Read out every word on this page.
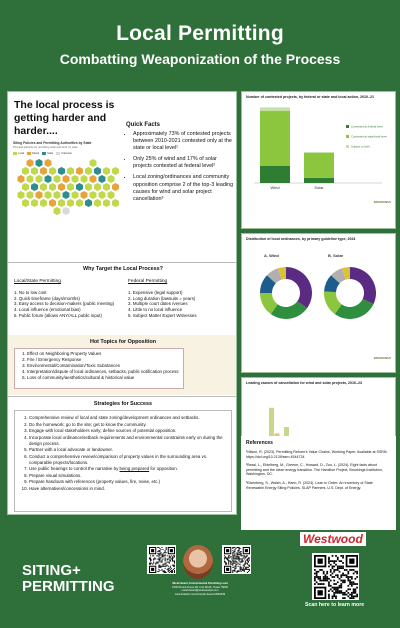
Local Permitting
Combatting Weaponization of the Process
The local process is getting harder and harder....
Siting Policies and Permitting Authorities by State
Principal authority for permitting solar and wind, by state
Local	Mixed	State	Unknown
Quick Facts
• Approximately 73% of contested projects between 2010-2021 contested only at the state or local level¹
• Only 25% of wind and 17% of solar projects contested at federal level²
• Local zoning/ordinances and community opposition comprise 2 of the top-3 leading causes for wind and solar project cancellation³
Why Target the Local Process?
Local/State Permitting
1. No to low cost
2. Quick timeframe (days/months)
3. Easy access to decision-makers (public meeting)
4. Local influence (emotional bias)
5. Public forum (allows ANY/ALL public input)
Federal Permitting
1. Expensive (legal support)
2. Long duration (lawsuits = years)
3. Multiple court dates /venues
4. Little to no local influence
5. Subject Matter Expert Witnesses
Hot Topics for Opposition
1. Effect on Neighboring Property Values
2. Fire / Emergency Response
3. Environmental/Contamination/Toxic Substances
4. Interpretation/dispute of local ordinances, setbacks, public notification process
5. Loss of community/aesthetics/cultural & historical value
Strategies for Success
1. Comprehensive review of local and state zoning/development ordinances and setbacks.
2. Do the homework; go to the site; get to know the community.
3. Engage with local stakeholders early; define sources of potential opposition.
4. Incorporate local ordinance/setback requirements and environmental constraints early on during the design process.
5. Partner with a local advocate or landowner.
6. Conduct a comprehensive review/comparison of property values in the surrounding area vs. comparable projects/locations.
7. Use public hearings to control the narrative by being prepared for opposition.
8. Prepare visual simulations.
9. Prepare handouts with references (property values, fire, noise, etc.)
10. Have alternatives/concessions in mind.
Number of contested projects, by federal or state and local action, 2010–21
Wind	Solar
Contested at federal level
Contested at state/local level
Subject to both
BROOKINGS
Distribution of local ordinances, by primary guideline type, 2024
A. Wind	B. Solar
BROOKINGS
Leading causes of cancellation for wind and solar projects, 2016–23
References

¹Nilson, R. (2023). Permitting Reform's Value Chains. Working Paper. Available at SSRN: https://doi.org/10.2139/ssrn.4544734

²Bessi, L., Eidelberg, M., Greene, C., Howard, D., Zou, L. (2024). Eight facts about permitting and the clean energy transition. The Hamilton Project, Brookings Institution, Washington, DC.

³Eisenberg, S., Walsh, A., Hann, R. (2024). Lean in Order: An Inventory of State Renewable Energy Siting Policies. SLAP Partners, U.S. Dept. of Energy.

SITING+
PERMITTING	Micah Beard, Environmental Permitting Lead
1000 Round Grove Rd, Fort Worth, Texas 75045
micah.beard@westwoodps.com
www.linkedin.com/in/micah-beard-10f64439
Westwood
Scan here to learn more
